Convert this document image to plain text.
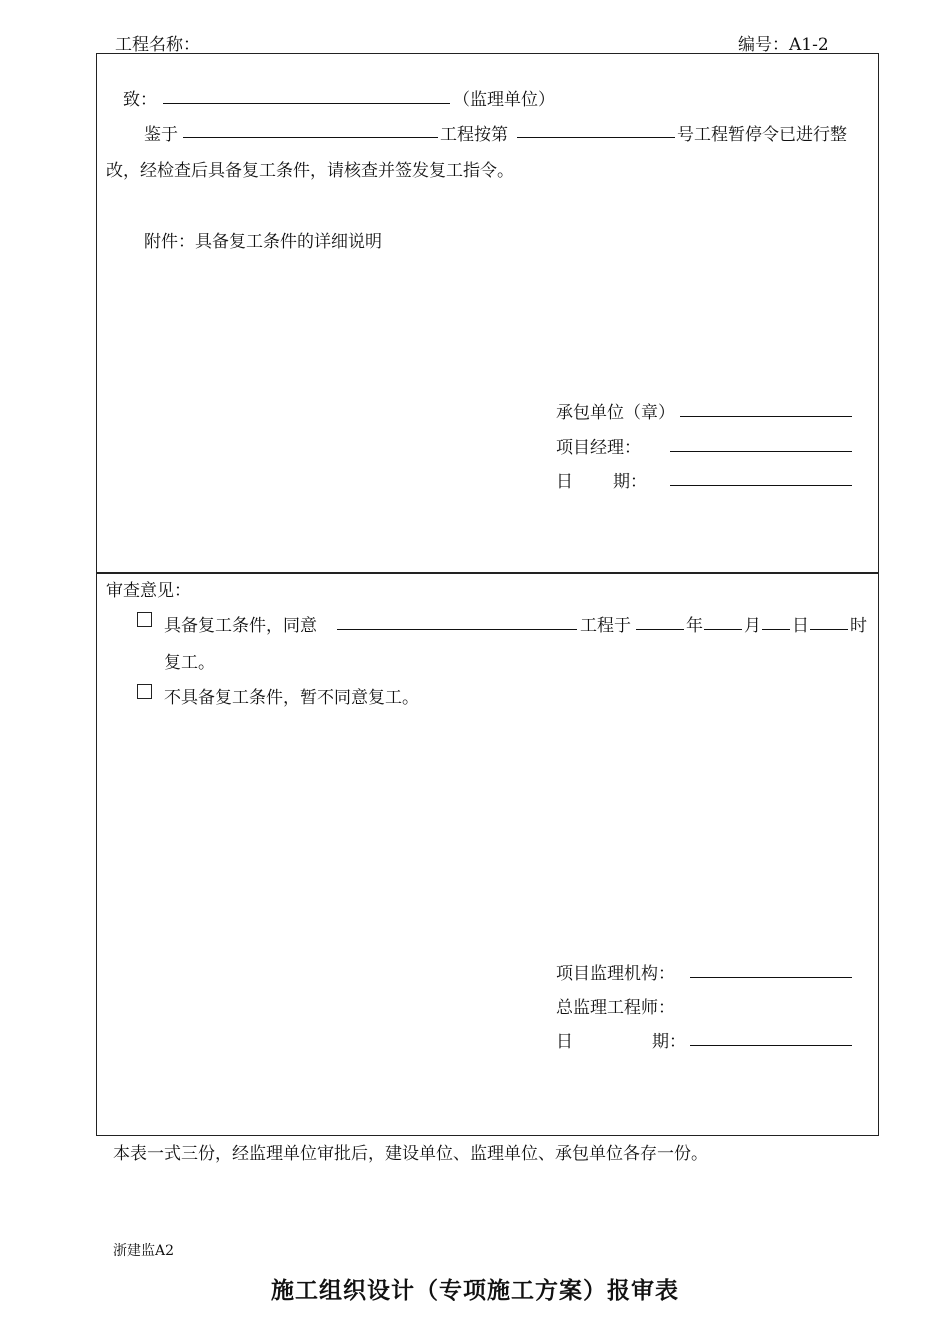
工程名称：	编号：A1-2
致：	（监理单位）
鉴于	工程按第	号工程暂停令已进行整
改，经检查后具备复工条件，请核查并签发复工指令。
附件：具备复工条件的详细说明
承包单位（章）
项目经理：
日 期：
审查意见：
具备复工条件，同意	工程于	年 月 日 时
复工。
不具备复工条件，暂不同意复工。
项目监理机构：
总监理工程师：
日	期：
本表一式三份，经监理单位审批后，建设单位、监理单位、承包单位各存一份。
浙建监A2
施工组织设计（专项施工方案）报审表
